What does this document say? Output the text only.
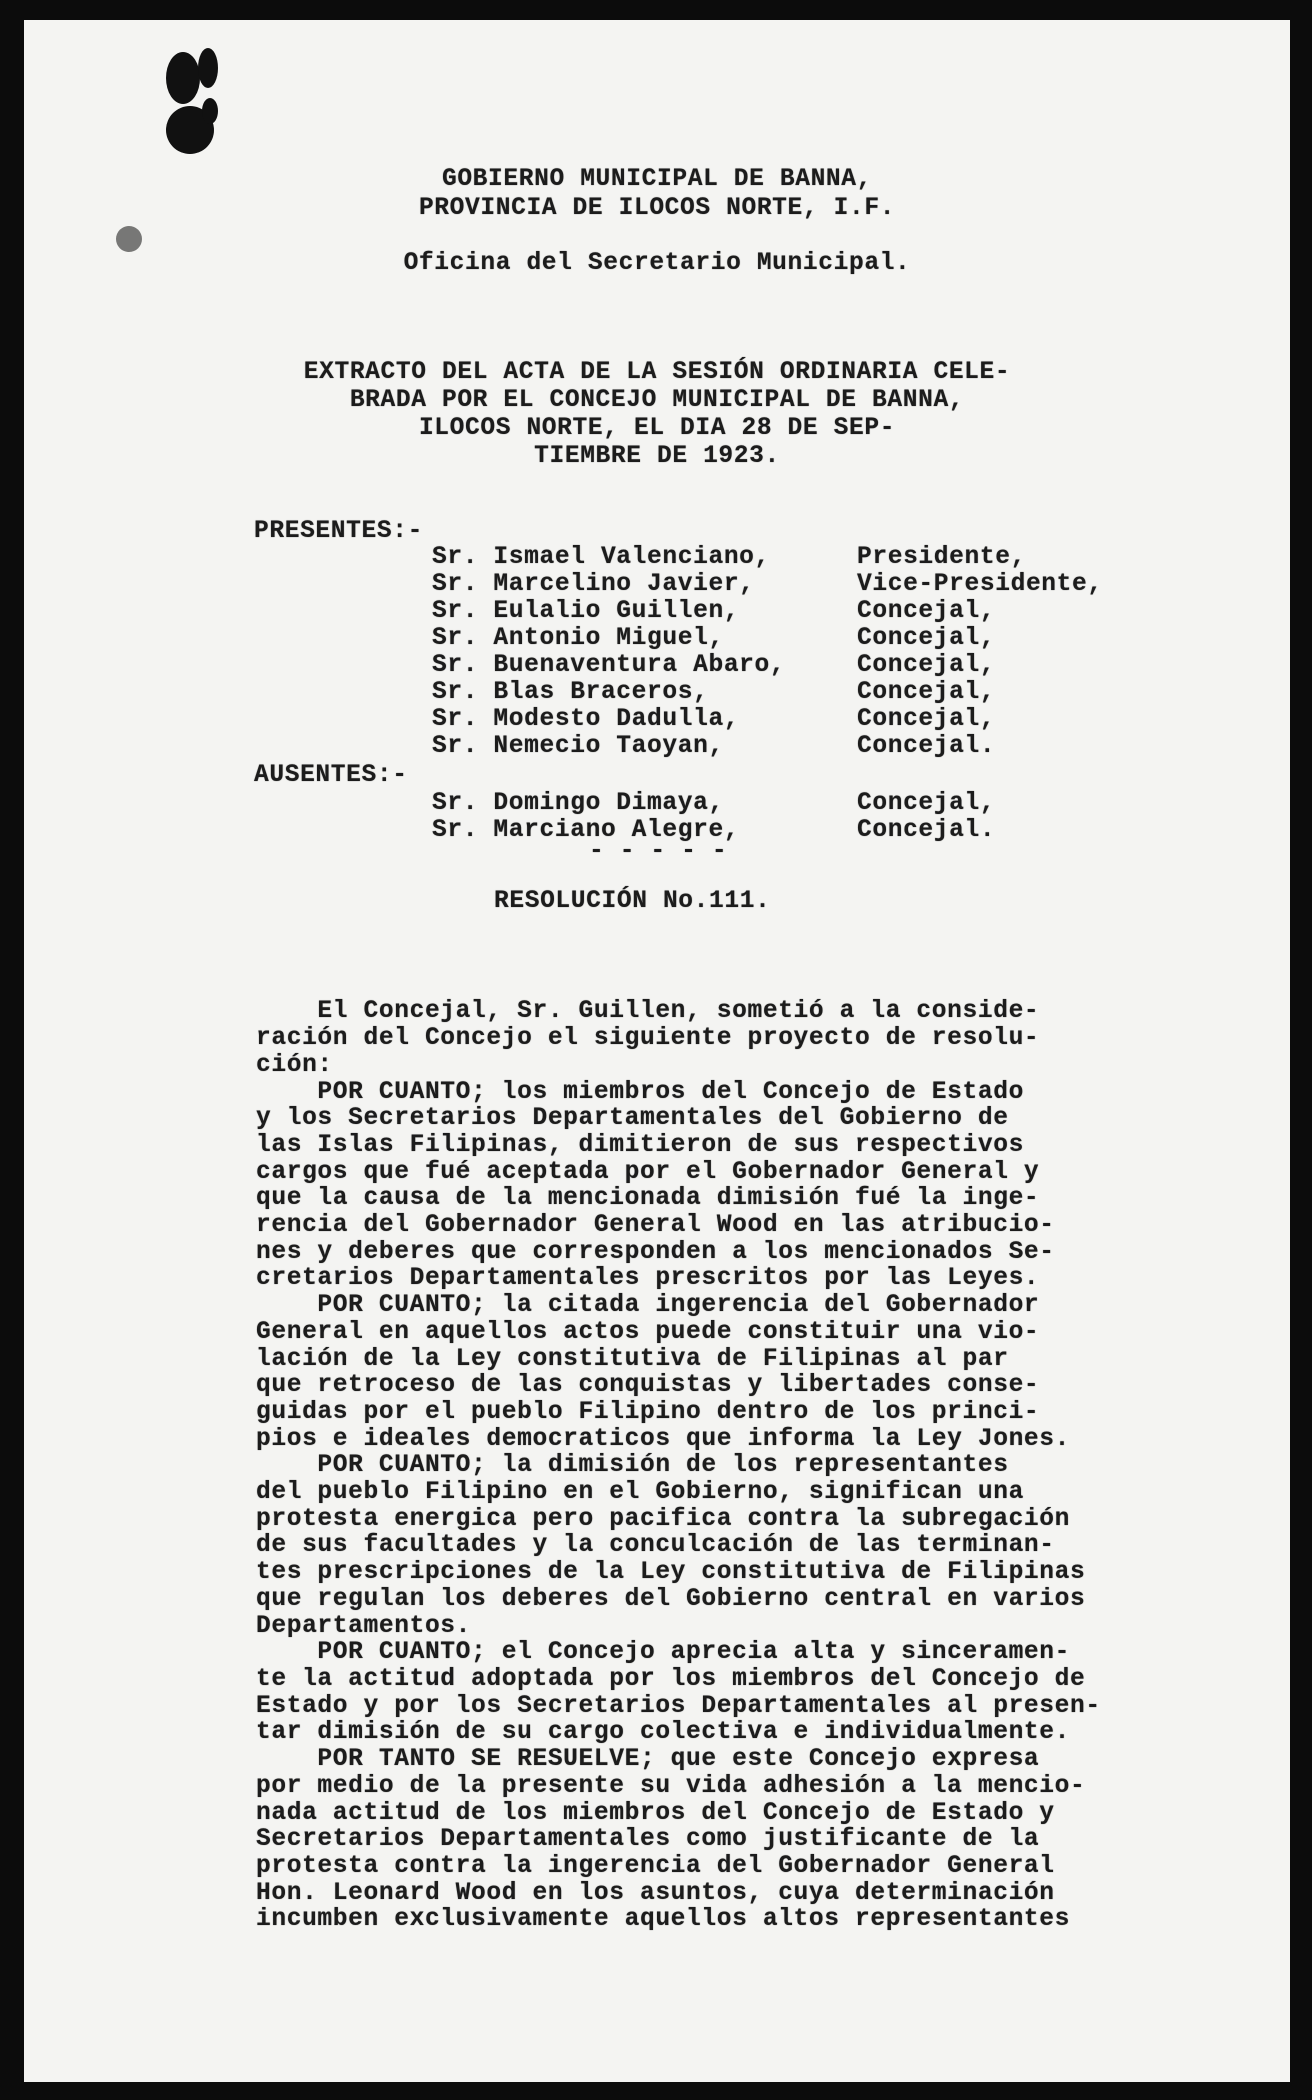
GOBIERNO MUNICIPAL DE BANNA,
PROVINCIA DE ILOCOS NORTE, I.F.
Oficina del Secretario Municipal.
EXTRACTO DEL ACTA DE LA SESIÓN ORDINARIA CELE-
BRADA POR EL CONCEJO MUNICIPAL DE BANNA,
ILOCOS NORTE, EL DIA 28 DE SEP-
TIEMBRE DE 1923.
PRESENTES:-
Sr. Ismael Valenciano,	Presidente,
Sr. Marcelino Javier,	Vice-Presidente,
Sr. Eulalio Guillen,	Concejal,
Sr. Antonio Miguel,	Concejal,
Sr. Buenaventura Abaro,	Concejal,
Sr. Blas Braceros,	Concejal,
Sr. Modesto Dadulla,	Concejal,
Sr. Nemecio Taoyan,	Concejal.
AUSENTES:-
Sr. Domingo Dimaya,	Concejal,
Sr. Marciano Alegre,	Concejal.
- - - - -
RESOLUCIÓN No.111.

El Concejal, Sr. Guillen, sometió a la conside-

ración del Concejo el siguiente proyecto de resolu-

ción:

POR CUANTO; los miembros del Concejo de Estado

y los Secretarios Departamentales del Gobierno de

las Islas Filipinas, dimitieron de sus respectivos

cargos que fué aceptada por el Gobernador General y

que la causa de la mencionada dimisión fué la inge-

rencia del Gobernador General Wood en las atribucio-

nes y deberes que corresponden a los mencionados Se-

cretarios Departamentales prescritos por las Leyes.

POR CUANTO; la citada ingerencia del Gobernador

General en aquellos actos puede constituir una vio-

lación de la Ley constitutiva de Filipinas al par

que retroceso de las conquistas y libertades conse-

guidas por el pueblo Filipino dentro de los princi-

pios e ideales democraticos que informa la Ley Jones.

POR CUANTO; la dimisión de los representantes

del pueblo Filipino en el Gobierno, significan una

protesta energica pero pacifica contra la subregación

de sus facultades y la conculcación de las terminan-

tes prescripciones de la Ley constitutiva de Filipinas

que regulan los deberes del Gobierno central en varios

Departamentos.

POR CUANTO; el Concejo aprecia alta y sinceramen-

te la actitud adoptada por los miembros del Concejo de

Estado y por los Secretarios Departamentales al presen-

tar dimisión de su cargo colectiva e individualmente.

POR TANTO SE RESUELVE; que este Concejo expresa

por medio de la presente su vida adhesión a la mencio-

nada actitud de los miembros del Concejo de Estado y

Secretarios Departamentales como justificante de la

protesta contra la ingerencia del Gobernador General

Hon. Leonard Wood en los asuntos, cuya determinación

incumben exclusivamente aquellos altos representantes
